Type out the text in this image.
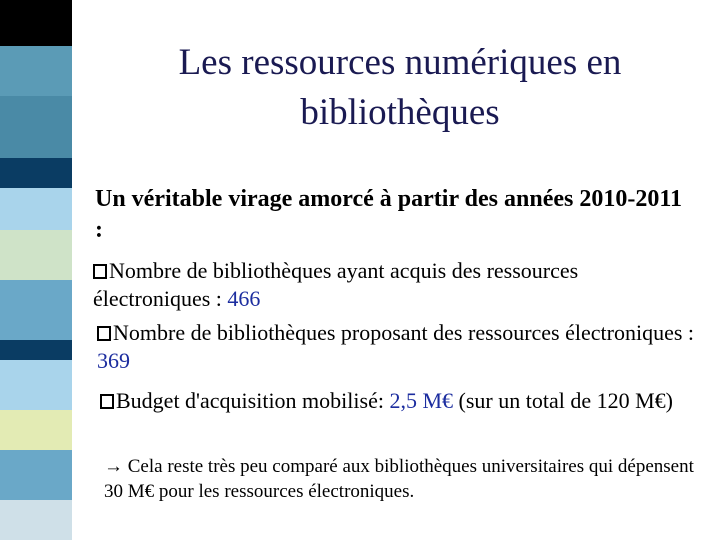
Les ressources numériques en bibliothèques
Un véritable virage amorcé à partir des années 2010-2011 :
Nombre de bibliothèques ayant acquis des ressources électroniques : 466
Nombre de bibliothèques proposant des ressources électroniques : 369
Budget d'acquisition mobilisé: 2,5 M€ (sur un total de 120 M€)
→ Cela reste très peu comparé aux bibliothèques universitaires qui dépensent 30 M€ pour les ressources électroniques.
